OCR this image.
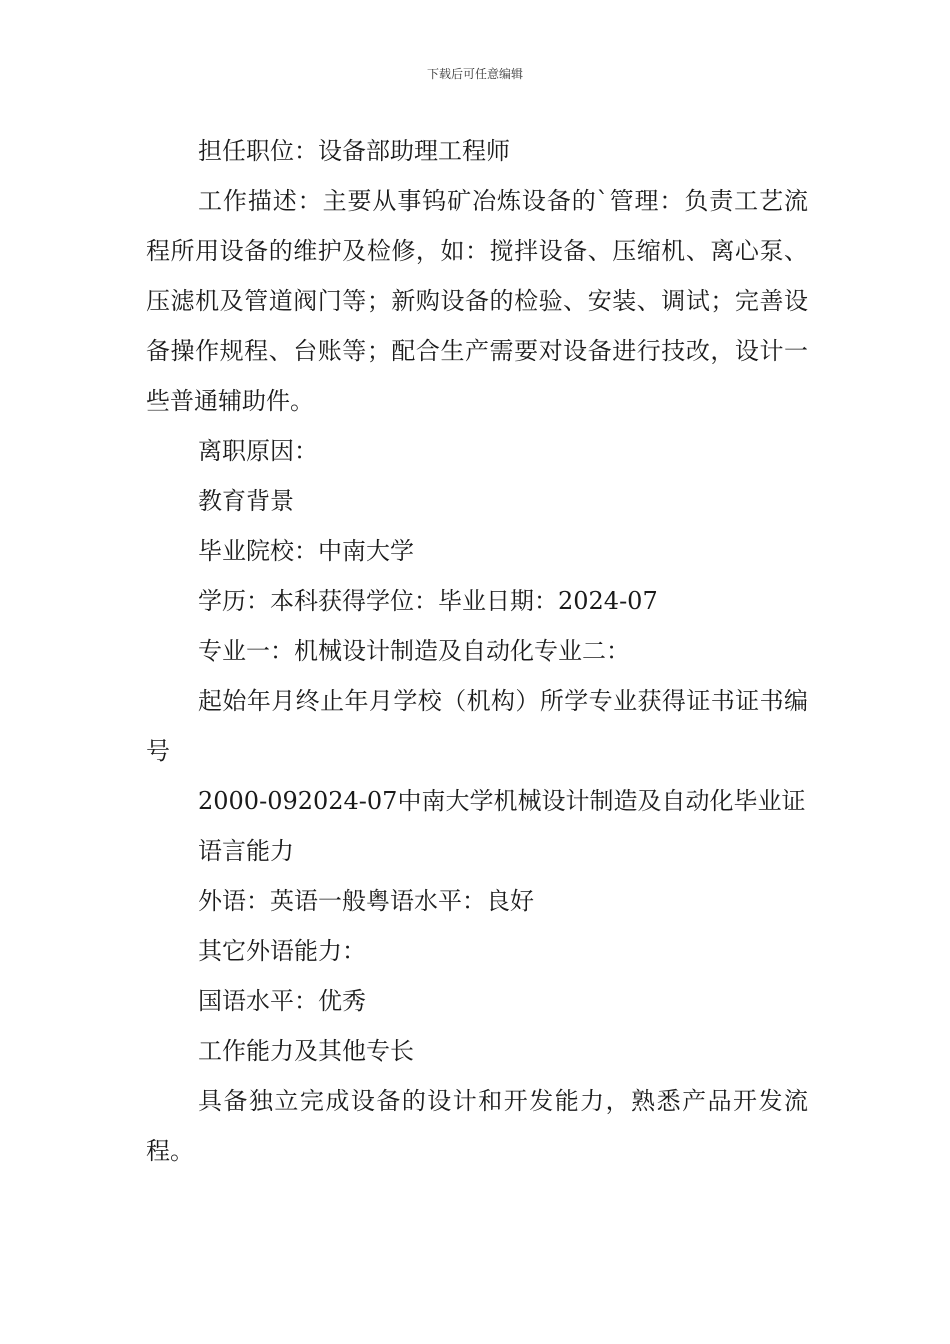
下载后可任意编辑

担任职位：设备部助理工程师

工作描述：主要从事钨矿冶炼设备的`管理：负责工艺流程所用设备的维护及检修，如：搅拌设备、压缩机、离心泵、压滤机及管道阀门等；新购设备的检验、安装、调试；完善设备操作规程、台账等；配合生产需要对设备进行技改，设计一些普通辅助件。

离职原因：

教育背景

毕业院校：中南大学

学历：本科获得学位：毕业日期：2024-07

专业一：机械设计制造及自动化专业二：

起始年月终止年月学校（机构）所学专业获得证书证书编号

2000-092024-07中南大学机械设计制造及自动化毕业证

语言能力

外语：英语一般粤语水平：良好

其它外语能力：

国语水平：优秀

工作能力及其他专长

具备独立完成设备的设计和开发能力，熟悉产品开发流程。
